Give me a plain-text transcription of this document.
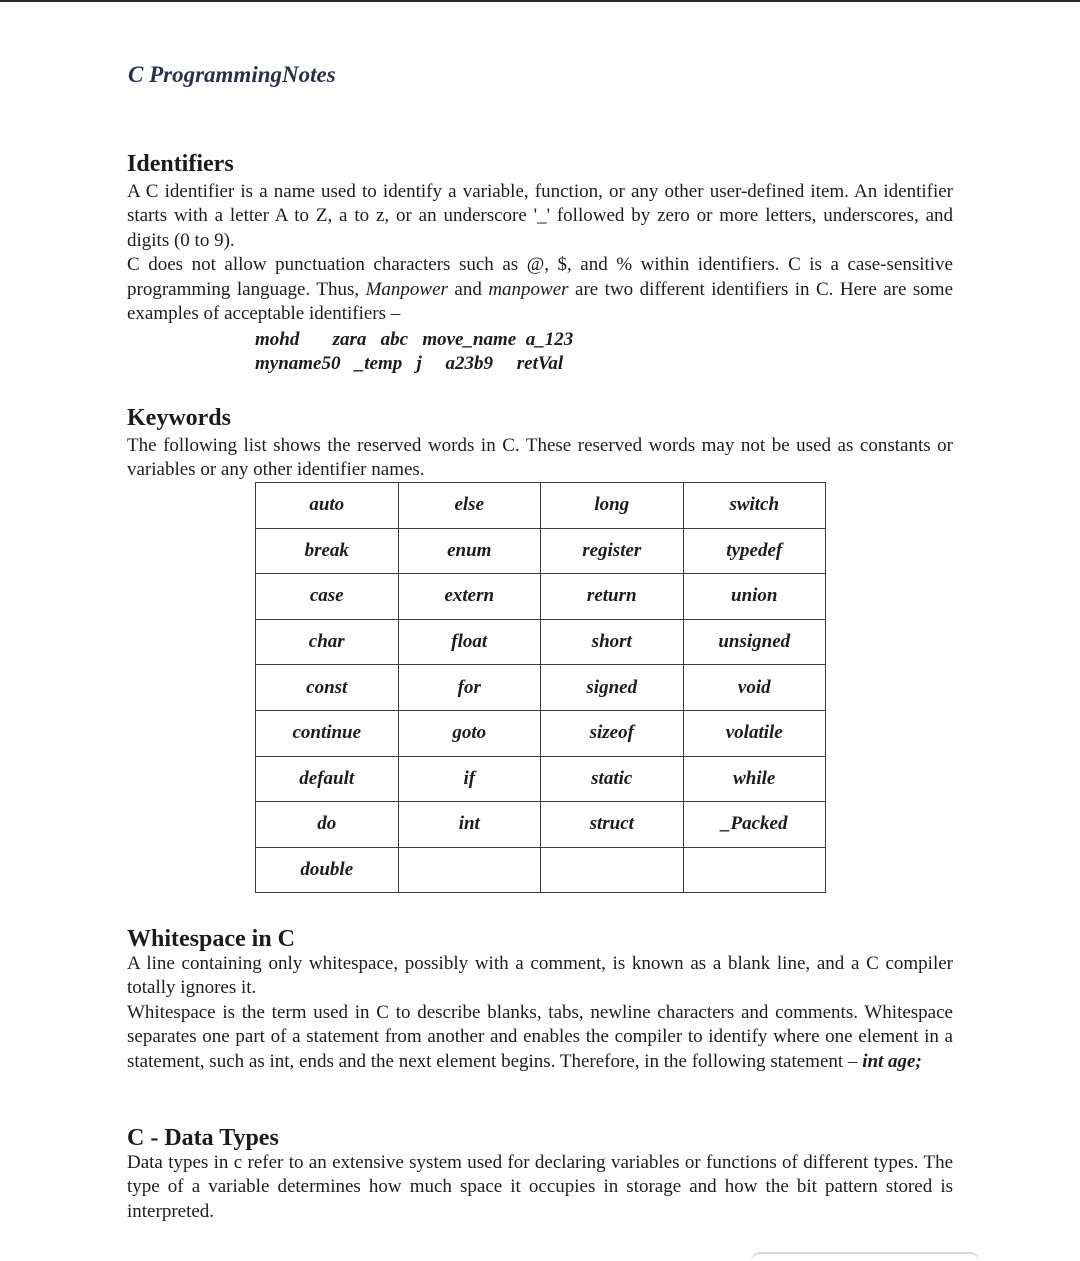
C ProgrammingNotes
Identifiers

A C identifier is a name used to identify a variable, function, or any other user-defined item. An identifier starts with a letter A to Z, a to z, or an underscore '_' followed by zero or more letters, underscores, and digits (0 to 9).

C does not allow punctuation characters such as @, $, and % within identifiers. C is a case-sensitive programming language. Thus, Manpower and manpower are two different identifiers in C. Here are some examples of acceptable identifiers –

mohd       zara   abc   move_name  a_123
myname50   _temp   j     a23b9     retVal
Keywords

The following list shows the reserved words in C. These reserved words may not be used as constants or variables or any other identifier names.

auto	else	long	switch
break	enum	register	typedef
case	extern	return	union
char	float	short	unsigned
const	for	signed	void
continue	goto	sizeof	volatile
default	if	static	while
do	int	struct	_Packed
double			
Whitespace in C

A line containing only whitespace, possibly with a comment, is known as a blank line, and a C compiler totally ignores it.

Whitespace is the term used in C to describe blanks, tabs, newline characters and comments. Whitespace separates one part of a statement from another and enables the compiler to identify where one element in a statement, such as int, ends and the next element begins. Therefore, in the following statement – int age;

C - Data Types

Data types in c refer to an extensive system used for declaring variables or functions of different types. The type of a variable determines how much space it occupies in storage and how the bit pattern stored is interpreted.
